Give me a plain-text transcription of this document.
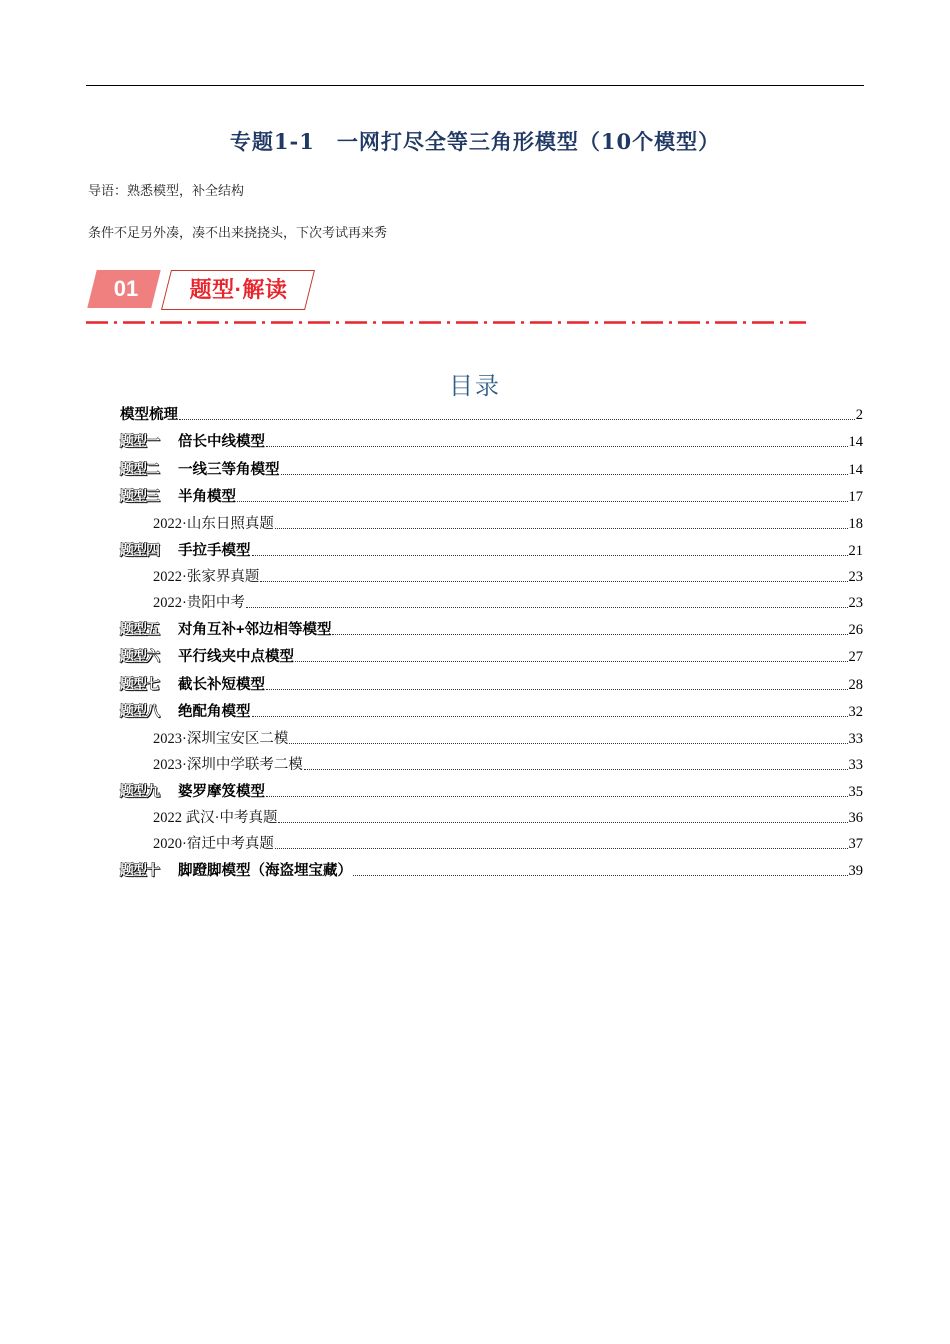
专题1-1　一网打尽全等三角形模型（10个模型）
导语：熟悉模型，补全结构
条件不足另外凑，凑不出来挠挠头，下次考试再来秀
01	题型·解读
目录
模型梳理	2
题型一	倍长中线模型	14
题型二	一线三等角模型	14
题型三	半角模型	17
2022·山东日照真题	18
题型四	手拉手模型	21
2022·张家界真题	23
2022·贵阳中考	23
题型五	对角互补+邻边相等模型	26
题型六	平行线夹中点模型	27
题型七	截长补短模型	28
题型八	绝配角模型	32
2023·深圳宝安区二模	33
2023·深圳中学联考二模	33
题型九	婆罗摩笈模型	35
2022 武汉·中考真题	36
2020·宿迁中考真题	37
题型十	脚蹬脚模型（海盗埋宝藏）	39
